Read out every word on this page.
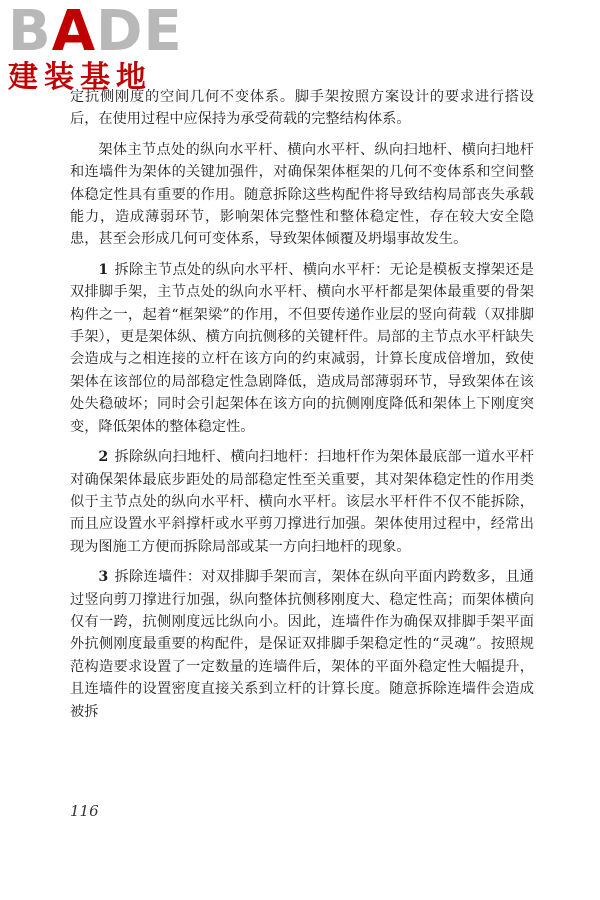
BADE
建装基地

定抗侧刚度的空间几何不变体系。脚手架按照方案设计的要求进行搭设后，在使用过程中应保持为承受荷载的完整结构体系。

架体主节点处的纵向水平杆、横向水平杆、纵向扫地杆、横向扫地杆和连墙件为架体的关键加强件，对确保架体框架的几何不变体系和空间整体稳定性具有重要的作用。随意拆除这些构配件将导致结构局部丧失承载能力，造成薄弱环节，影响架体完整性和整体稳定性，存在较大安全隐患，甚至会形成几何可变体系，导致架体倾覆及坍塌事故发生。

1 拆除主节点处的纵向水平杆、横向水平杆：无论是模板支撑架还是双排脚手架，主节点处的纵向水平杆、横向水平杆都是架体最重要的骨架构件之一，起着“框架梁”的作用，不但要传递作业层的竖向荷载（双排脚手架），更是架体纵、横方向抗侧移的关键杆件。局部的主节点水平杆缺失会造成与之相连接的立杆在该方向的约束减弱，计算长度成倍增加，致使架体在该部位的局部稳定性急剧降低，造成局部薄弱环节，导致架体在该处失稳破坏；同时会引起架体在该方向的抗侧刚度降低和架体上下刚度突变，降低架体的整体稳定性。

2 拆除纵向扫地杆、横向扫地杆：扫地杆作为架体最底部一道水平杆对确保架体最底步距处的局部稳定性至关重要，其对架体稳定性的作用类似于主节点处的纵向水平杆、横向水平杆。该层水平杆件不仅不能拆除，而且应设置水平斜撑杆或水平剪刀撑进行加强。架体使用过程中，经常出现为图施工方便而拆除局部或某一方向扫地杆的现象。

3 拆除连墙件：对双排脚手架而言，架体在纵向平面内跨数多，且通过竖向剪刀撑进行加强，纵向整体抗侧移刚度大、稳定性高；而架体横向仅有一跨，抗侧刚度远比纵向小。因此，连墙件作为确保双排脚手架平面外抗侧刚度最重要的构配件，是保证双排脚手架稳定性的“灵魂”。按照规范构造要求设置了一定数量的连墙件后，架体的平面外稳定性大幅提升，且连墙件的设置密度直接关系到立杆的计算长度。随意拆除连墙件会造成被拆

116
